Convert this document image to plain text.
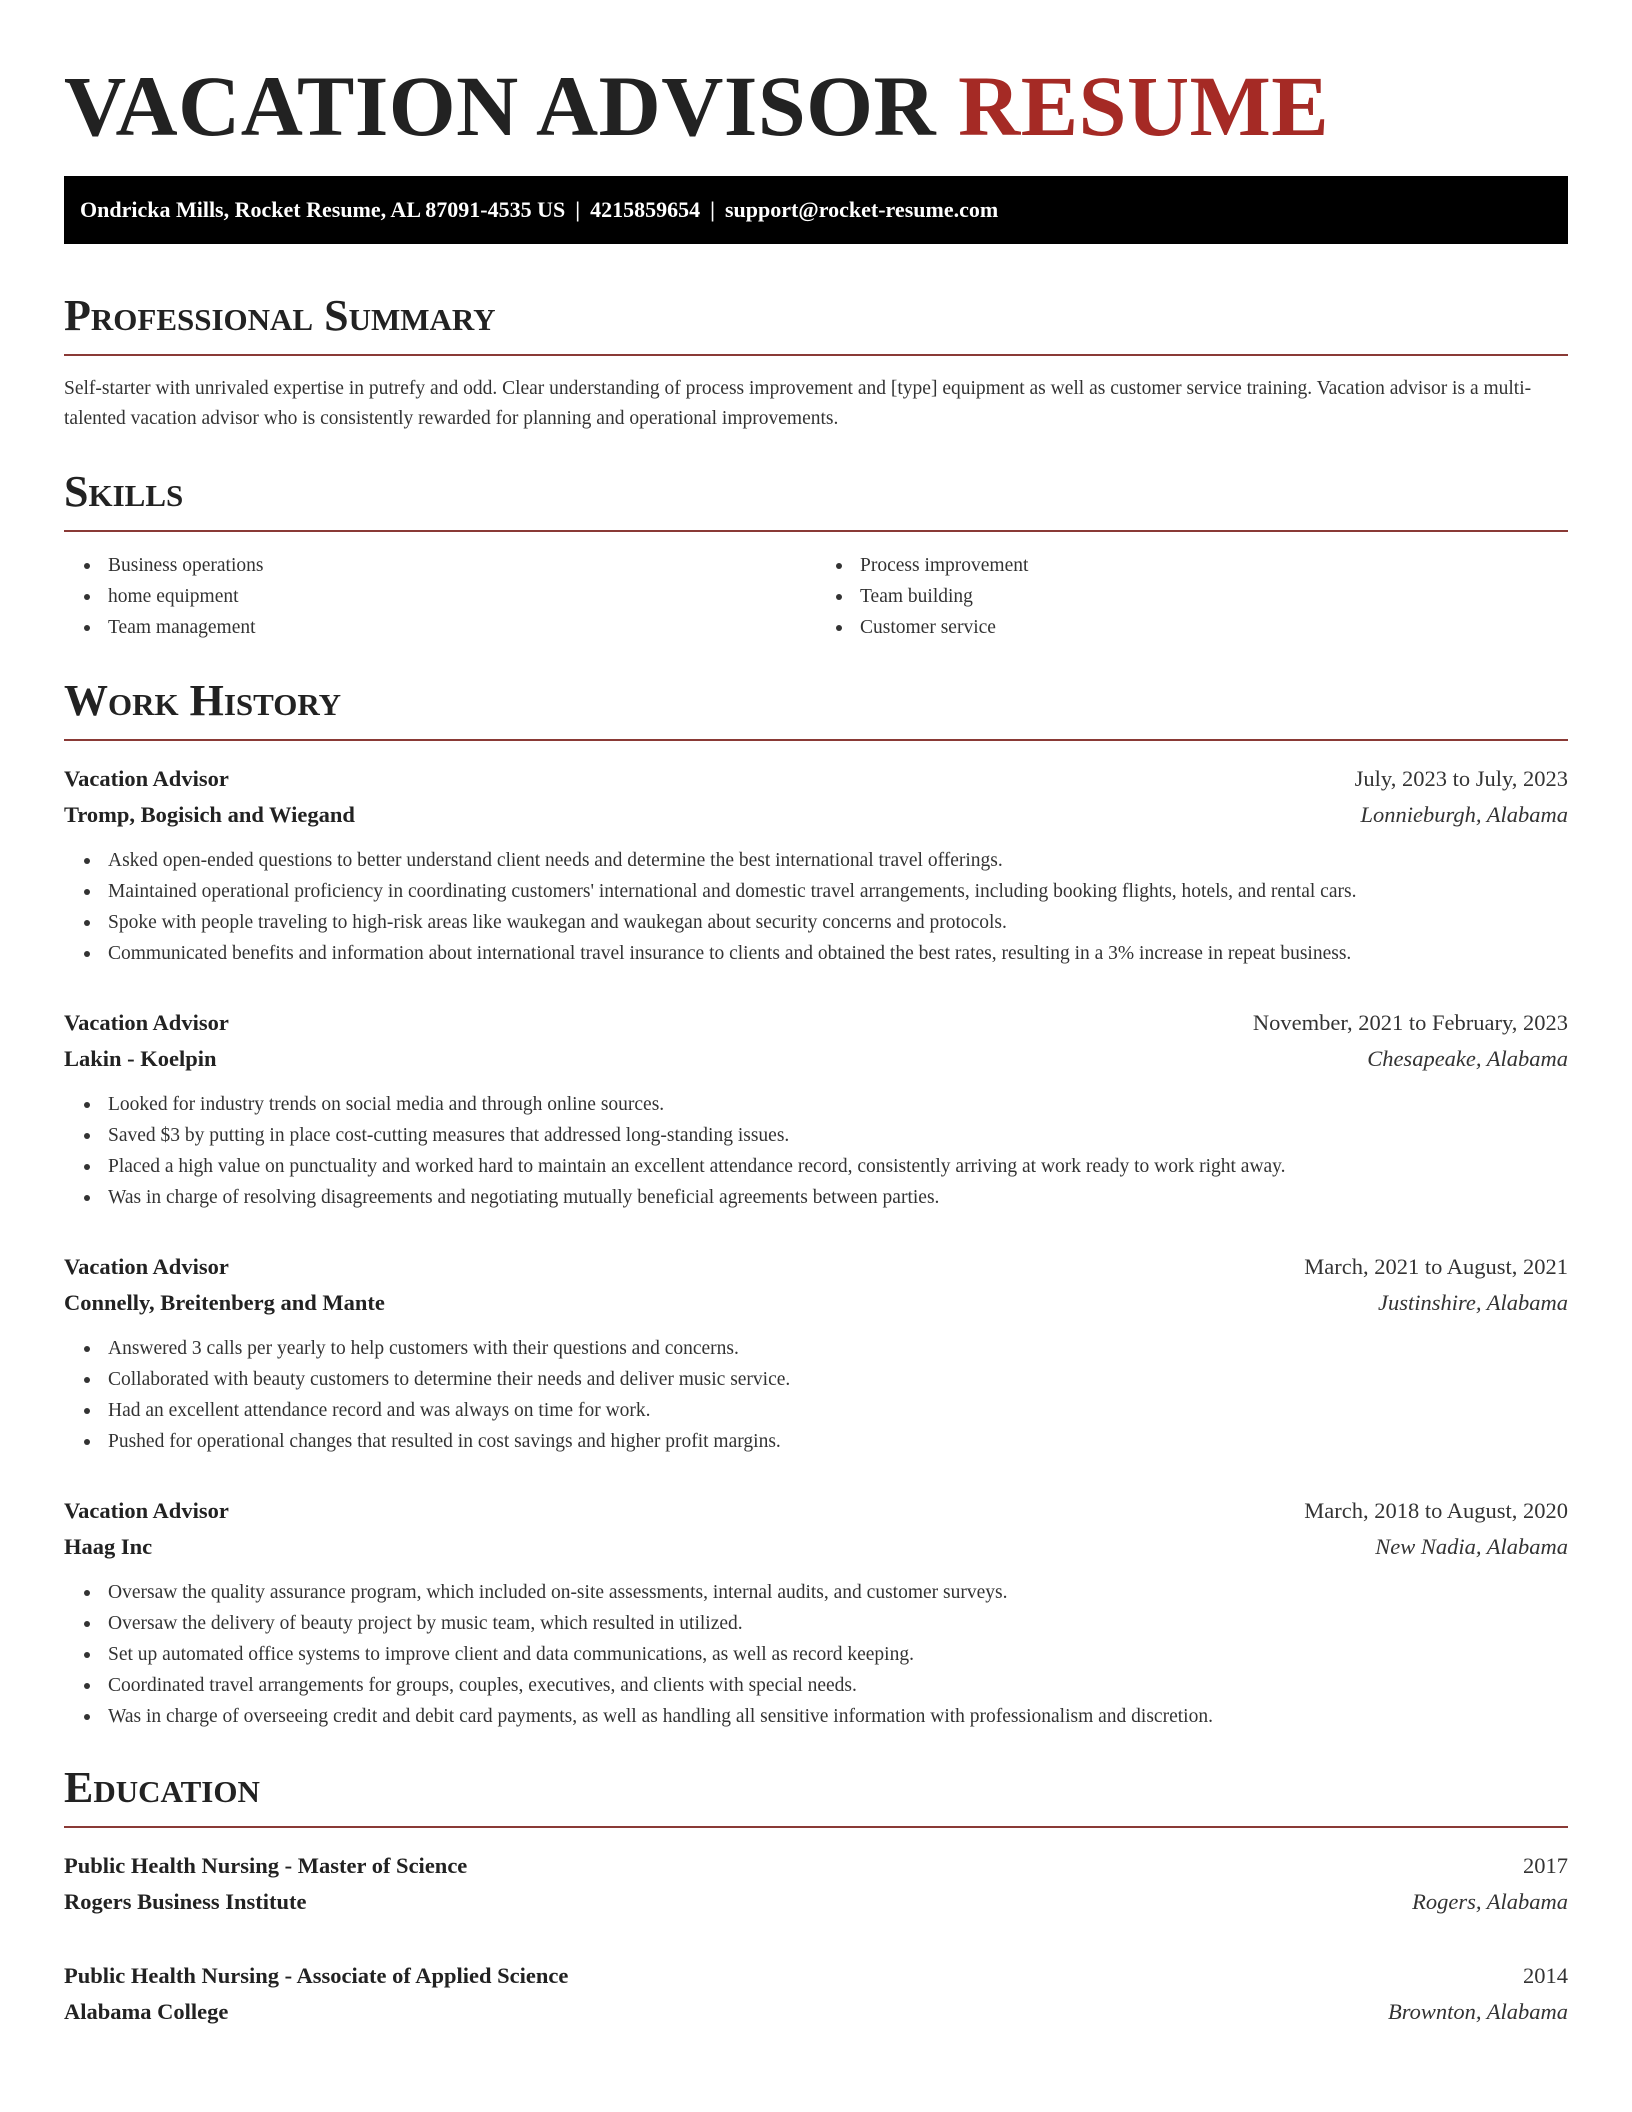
VACATION ADVISOR RESUME
Ondricka Mills, Rocket Resume, AL 87091-4535 US | 4215859654 | support@rocket-resume.com
Professional Summary

Self-starter with unrivaled expertise in putrefy and odd. Clear understanding of process improvement and [type] equipment as well as customer service training. Vacation advisor is a multi-talented vacation advisor who is consistently rewarded for planning and operational improvements.

Skills
Business operations
home equipment
Team management
Process improvement
Team building
Customer service
Work History
Vacation Advisor	July, 2023 to July, 2023
Tromp, Bogisich and Wiegand	Lonnieburgh, Alabama
Asked open-ended questions to better understand client needs and determine the best international travel offerings.
Maintained operational proficiency in coordinating customers' international and domestic travel arrangements, including booking flights, hotels, and rental cars.
Spoke with people traveling to high-risk areas like waukegan and waukegan about security concerns and protocols.
Communicated benefits and information about international travel insurance to clients and obtained the best rates, resulting in a 3% increase in repeat business.
Vacation Advisor	November, 2021 to February, 2023
Lakin - Koelpin	Chesapeake, Alabama
Looked for industry trends on social media and through online sources.
Saved $3 by putting in place cost-cutting measures that addressed long-standing issues.
Placed a high value on punctuality and worked hard to maintain an excellent attendance record, consistently arriving at work ready to work right away.
Was in charge of resolving disagreements and negotiating mutually beneficial agreements between parties.
Vacation Advisor	March, 2021 to August, 2021
Connelly, Breitenberg and Mante	Justinshire, Alabama
Answered 3 calls per yearly to help customers with their questions and concerns.
Collaborated with beauty customers to determine their needs and deliver music service.
Had an excellent attendance record and was always on time for work.
Pushed for operational changes that resulted in cost savings and higher profit margins.
Vacation Advisor	March, 2018 to August, 2020
Haag Inc	New Nadia, Alabama
Oversaw the quality assurance program, which included on-site assessments, internal audits, and customer surveys.
Oversaw the delivery of beauty project by music team, which resulted in utilized.
Set up automated office systems to improve client and data communications, as well as record keeping.
Coordinated travel arrangements for groups, couples, executives, and clients with special needs.
Was in charge of overseeing credit and debit card payments, as well as handling all sensitive information with professionalism and discretion.
Education
Public Health Nursing - Master of Science	2017
Rogers Business Institute	Rogers, Alabama
Public Health Nursing - Associate of Applied Science	2014
Alabama College	Brownton, Alabama
